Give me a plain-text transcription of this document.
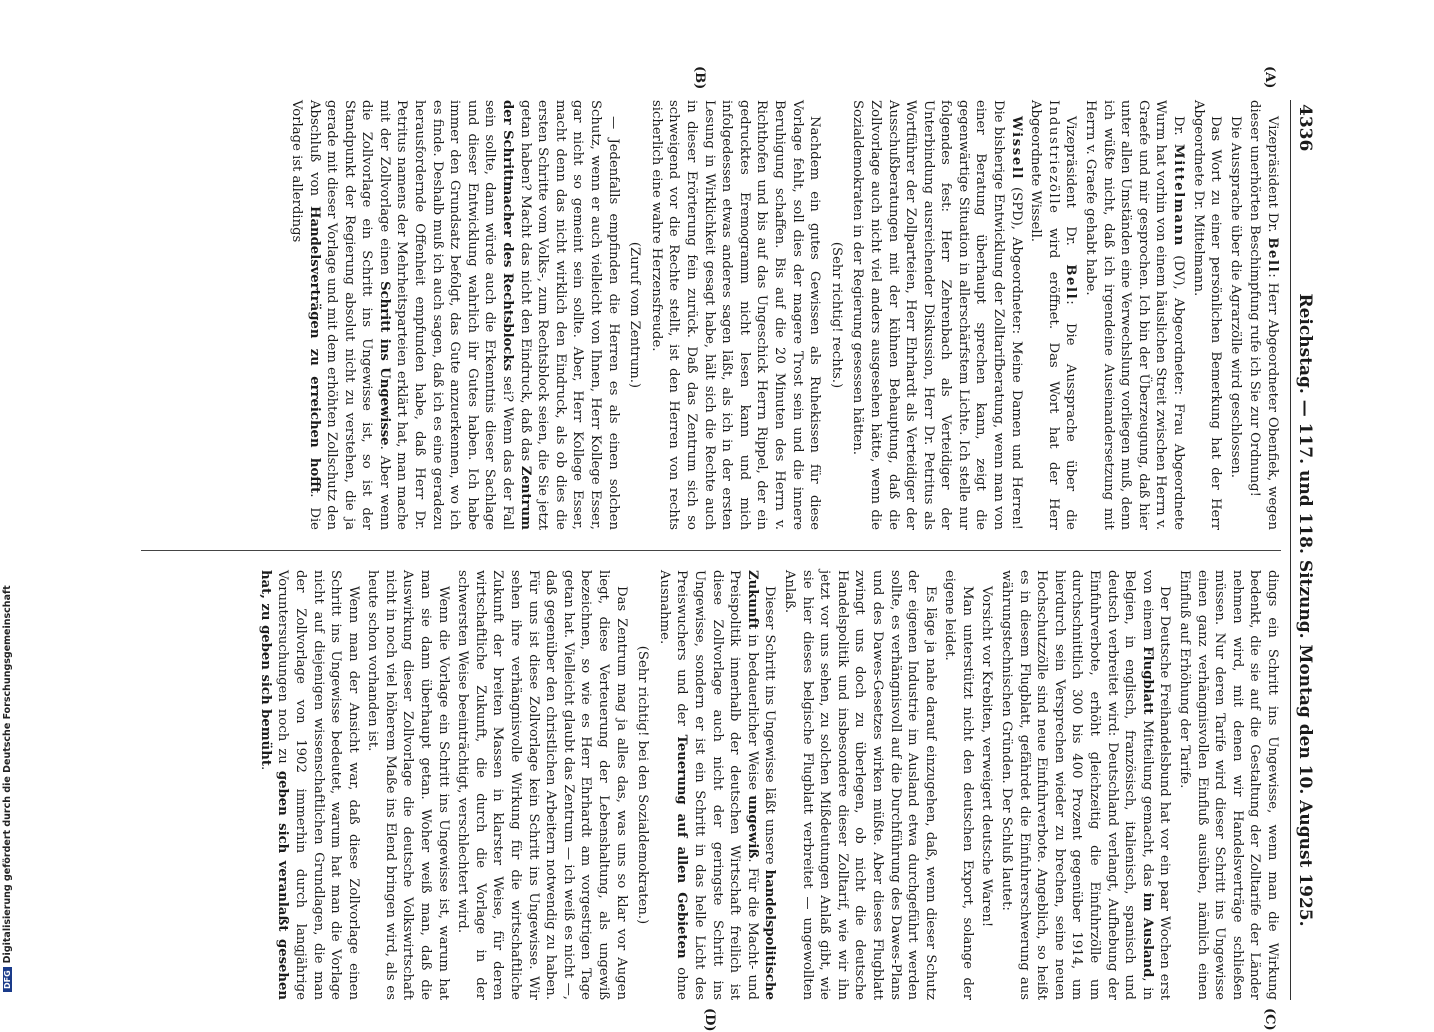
DFGDigitalisierung gefördert durch die Deutsche Forschungsgemeinschaft
4336
Reichstag. — 117. und 118. Sitzung. Montag den 10. August 1925.
(A)
(B)
(C)
(D)

Vizepräsident Dr. Bell: Herr Abgeordneter Obenfiek, wegen dieser unerhörten Beschimpfung rufe ich Sie zur Ordnung!

Die Aussprache über die Agrarzölle wird geschlossen.

Das Wort zu einer persönlichen Bemerkung hat der Herr Abgeordnete Dr. Mittelmann.

Dr. Mittelmann (DV), Abgeordneter: Frau Abgeordnete Wurm hat vorhin von einem häuslichen Streit zwischen Herrn v. Graefe und mir gesprochen. Ich bin der Überzeugung, daß hier unter allen Umständen eine Verwechslung vorliegen muß, denn ich wüßte nicht, daß ich irgendeine Auseinandersetzung mit Herrn v. Graefe gehabt habe.

Vizepräsident Dr. Bell: Die Aussprache über die Industriezölle wird eröffnet. Das Wort hat der Herr Abgeordnete Wissell.

Wissell (SPD), Abgeordneter: Meine Damen und Herren! Die bisherige Entwicklung der Zolltarifberatung, wenn man von einer Beratung überhaupt sprechen kann, zeigt die gegenwärtige Situation in allerschärfstem Lichte. Ich stelle nur folgendes fest: Herr Zehrenbach als Verteidiger der Unterbindung ausreichender Diskussion, Herr Dr. Petritus als Wortführer der Zollparteien, Herr Ehrhardt als Verteidiger der Ausschußberatungen mit der kühnen Behauptung, daß die Zollvorlage auch nicht viel anders ausgesehen hätte, wenn die Sozialdemokraten in der Regierung gesessen hätten.

(Sehr richtig! rechts.)

Nachdem ein gutes Gewissen als Ruhekissen für diese Vorlage fehlt, soll dies der magere Trost sein und die innere Beruhigung schaffen. Bis auf die 20 Minuten des Herrn v. Richthofen und bis auf das Ungeschick Herrn Rippel, der ein gedrucktes Eremogramm nicht lesen kann und mich infolgedessen etwas anderes sagen läßt, als ich in der ersten Lesung in Wirklichkeit gesagt habe, hält sich die Rechte auch in dieser Erörterung fein zurück. Daß das Zentrum sich so schweigend vor die Rechte stellt, ist den Herren von rechts sicherlich eine wahre Herzensfreude.

(Zuruf vom Zentrum.)

— Jedenfalls empfinden die Herren es als einen solchen Schutz, wenn er auch vielleicht von Ihnen, Herr Kollege Esser, gar nicht so gemeint sein sollte. Aber, Herr Kollege Esser, macht denn das nicht wirklich den Eindruck, als ob dies die ersten Schritte vom Volks-, zum Rechtsblock seien, die Sie jetzt getan haben? Macht das nicht den Eindruck, daß das Zentrum der Schrittmacher des Rechtsblocks sei? Wenn das der Fall sein sollte, dann würde auch die Erkenntnis dieser Sachlage und dieser Entwicklung wahrlich ihr Gutes haben. Ich habe immer den Grundsatz befolgt, das Gute anzuerkennen, wo ich es finde. Deshalb muß ich auch sagen, daß ich es eine geradezu herausfordernde Offenheit empfunden habe, daß Herr Dr. Petritus namens der Mehrheitsparteien erklärt hat, man mache mit der Zollvorlage einen Schritt ins Ungewisse. Aber wenn die Zollvorlage ein Schritt ins Ungewisse ist, so ist der Standpunkt der Regierung absolut nicht zu verstehen, die ja gerade mit dieser Vorlage und mit dem erhöhten Zollschutz den Abschluß von Handelsverträgen zu erreichen hofft. Die Vorlage ist allerdings

dings ein Schritt ins Ungewisse, wenn man die Wirkung bedenkt, die sie auf die Gestaltung der Zolltarife der Länder nehmen wird, mit denen wir Handelsverträge schließen müssen. Nur deren Tarife wird dieser Schritt ins Ungewisse einen ganz verhängnisvollen Einfluß ausüben, nämlich einen Einfluß auf Erhöhung der Tarife.

Der Deutsche Freihandelsbund hat vor ein paar Wochen erst von einem Flugblatt Mitteilung gemacht, das im Ausland, in Belgien, in englisch, französisch, italienisch, spanisch und deutsch verbreitet wird: Deutschland verlangt, Aufhebung der Einfuhrverbote, erhöht gleichzeitig die Einfuhrzölle um durchschnittlich 300 bis 400 Prozent gegenüber 1914, um hierdurch sein Versprechen wieder zu brechen, seine neuen Hochschutzzölle sind neue Einfuhrverbote. Angeblich, so heißt es in diesem Flugblatt, gefährdet die Einfuhrerschwerung aus währungstechnischen Gründen. Der Schluß lautet:

Vorsicht vor Krebiten, verweigert deutsche Waren!

Man unterstützt nicht den deutschen Export, solange der eigene leidet.

Es läge ja nahe darauf einzugehen, daß, wenn dieser Schutz der eigenen Industrie im Ausland etwa durchgeführt werden sollte, es verhängnisvoll auf die Durchführung des Dawes-Plans und des Dawes-Gesetzes wirken müßte. Aber dieses Flugblatt zwingt uns doch zu überlegen, ob nicht die deutsche Handelspolitik und insbesondere dieser Zolltarif, wie wir ihn jetzt vor uns sehen, zu solchen Mißdeutungen Anlaß gibt, wie sie hier dieses belgische Flugblatt verbreitet — ungewollten Anlaß.

Dieser Schritt ins Ungewisse läßt unsere handelspolitische Zukunft in bedauerlicher Weise ungewiß. Für die Macht- und Preispolitik innerhalb der deutschen Wirtschaft freilich ist diese Zollvorlage auch nicht der geringste Schritt ins Ungewisse, sondern er ist ein Schritt in das helle Licht des Preiswuchers und der Teuerung auf allen Gebieten ohne Ausnahme.

(Sehr richtig! bei den Sozialdemokraten.)

Das Zentrum mag ja alles das, was uns so klar vor Augen liegt, diese Verteuerung der Lebenshaltung, als ungewiß bezeichnen, so wie es Herr Ehrhardt am vorgestrigen Tage getan hat. Vielleicht glaubt das Zentrum — ich weiß es nicht —, daß gegenüber den christlichen Arbeitern notwendig zu haben. Für uns ist diese Zollvorlage kein Schritt ins Ungewisse. Wir sehen ihre verhängnisvolle Wirkung für die wirtschaftliche Zukunft der breiten Massen in klarster Weise, für deren wirtschaftliche Zukunft, die durch die Vorlage in der schwersten Weise beeinträchtigt, verschlechtert wird.

Wenn die Vorlage ein Schritt ins Ungewisse ist, warum hat man sie dann überhaupt getan. Woher weiß man, daß die Auswirkung dieser Zollvorlage die deutsche Volkswirtschaft nicht in noch viel höherem Maße ins Elend bringen wird, als es heute schon vorhanden ist.

Wenn man der Ansicht war, daß diese Zollvorlage einen Schritt ins Ungewisse bedeutet, warum hat man die Vorlage nicht auf diejenigen wissenschaftlichen Grundlagen, die man der Zollvorlage von 1902 immerhin durch langjährige Voruntersuchungen noch zu geben sich veranlaßt gesehen hat, zu geben sich bemüht.
